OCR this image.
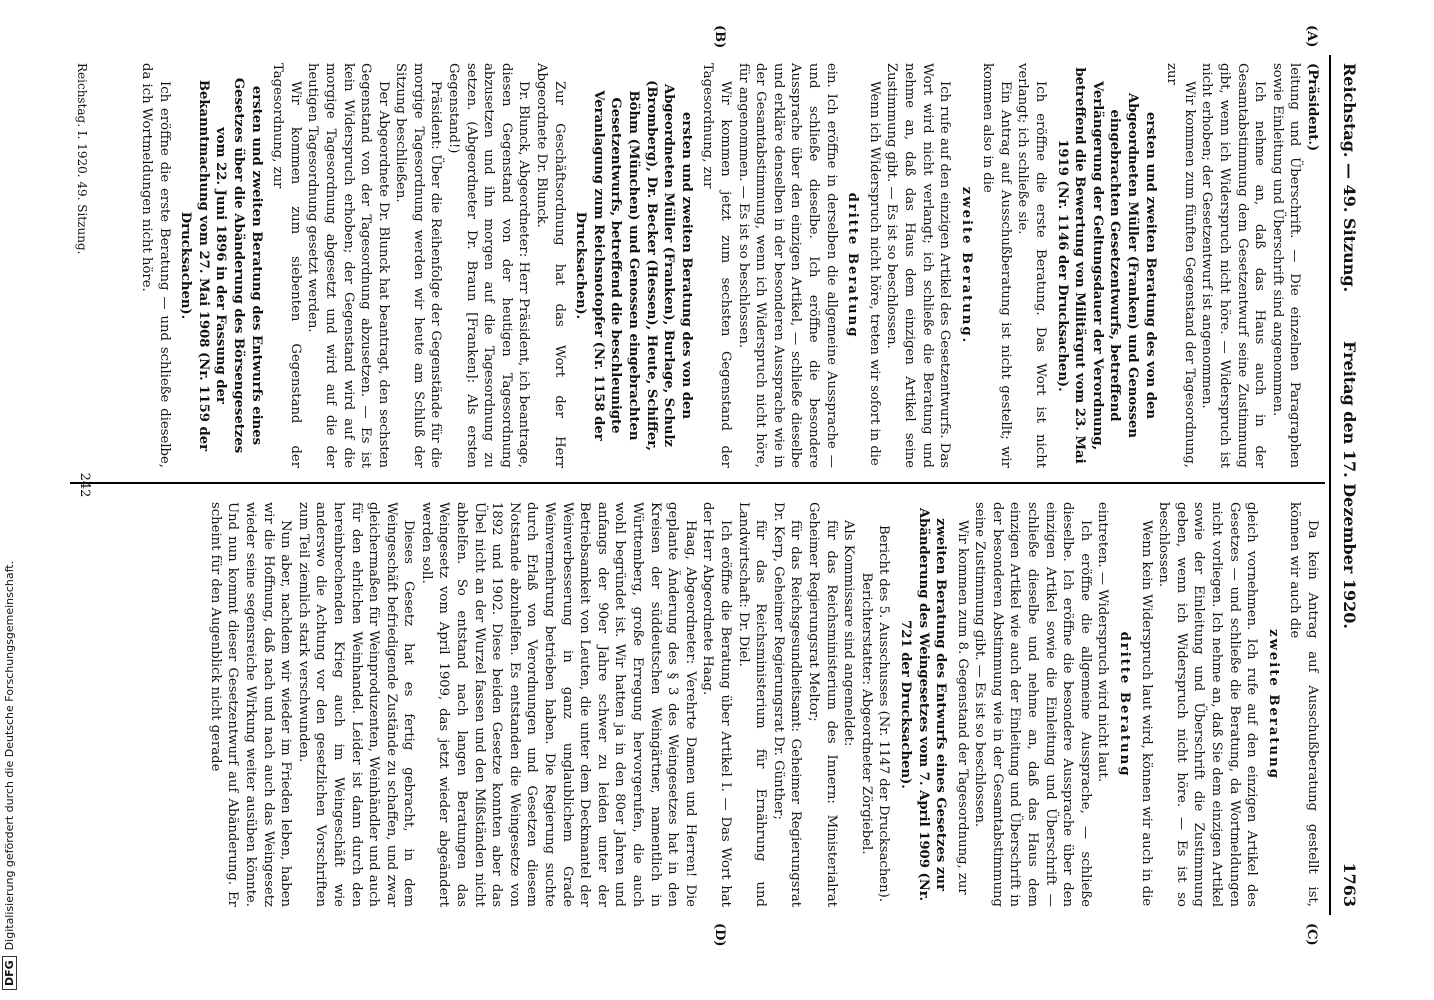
Reichstag. — 49. Sitzung.
Freitag den 17. Dezember 1920.
1763
(A)
(B)
(C)
(D)

(Präsident.)

leitung und Überschrift. — Die einzelnen Paragraphen sowie Einleitung und Überschrift sind angenommen.

Ich nehme an, daß das Haus auch in der Gesamtabstimmung dem Gesetzentwurf seine Zustimmung gibt, wenn ich Widerspruch nicht höre. — Widerspruch ist nicht erhoben; der Gesetzentwurf ist angenommen.

Wir kommen zum fünften Gegenstand der Tagesordnung, zur

ersten und zweiten Beratung des von den Abgeordneten Müller (Franken) und Genossen eingebrachten Gesetzentwurfs, betreffend Verlängerung der Geltungsdauer der Verordnung, betreffend die Bewertung von Militärgut vom 23. Mai 1919 (Nr. 1146 der Drucksachen).

Ich eröffne die erste Beratung. Das Wort ist nicht verlangt; ich schließe sie.

Ein Antrag auf Ausschußberatung ist nicht gestellt; wir kommen also in die

zweite Beratung.

Ich rufe auf den einzigen Artikel des Gesetzentwurfs. Das Wort wird nicht verlangt; ich schließe die Beratung und nehme an, daß das Haus dem einzigen Artikel seine Zustimmung gibt. — Es ist so beschlossen.

Wenn ich Widerspruch nicht höre, treten wir sofort in die

dritte Beratung

ein. Ich eröffne in derselben die allgemeine Aussprache — und schließe dieselbe. Ich eröffne die besondere Aussprache über den einzigen Artikel, — schließe dieselbe und erkläre denselben in der besonderen Aussprache wie in der Gesamtabstimmung, wenn ich Widerspruch nicht höre, für angenommen. — Es ist so beschlossen.

Wir kommen jetzt zum sechsten Gegenstand der Tagesordnung, zur

ersten und zweiten Beratung des von den Abgeordneten Müller (Franken), Burlage, Schulz (Bromberg), Dr. Becker (Hessen), Heute, Schiffer, Böhm (München) und Genossen eingebrachten Gesetzentwurfs, betreffend die beschleunigte Veranlagung zum Reichsnotopfer (Nr. 1158 der Drucksachen).

Zur Geschäftsordnung hat das Wort der Herr Abgeordnete Dr. Blunck.

Dr. Blunck, Abgeordneter: Herr Präsident, ich beantrage, diesen Gegenstand von der heutigen Tagesordnung abzusetzen und ihn morgen auf die Tagesordnung zu setzen. (Abgeordneter Dr. Braun [Franken]: Als ersten Gegenstand!)

Präsident: Über die Reihenfolge der Gegenstände für die morgige Tagesordnung werden wir heute am Schluß der Sitzung beschließen.

Der Abgeordnete Dr. Blunck hat beantragt, den sechsten Gegenstand von der Tagesordnung abzusetzen. — Es ist kein Widerspruch erhoben; der Gegenstand wird auf die morgige Tagesordnung abgesetzt und wird auf die der heutigen Tagesordnung gesetzt werden.

Wir kommen zum siebenten Gegenstand der Tagesordnung, zur

ersten und zweiten Beratung des Entwurfs eines Gesetzes über die Abänderung des Börsengesetzes vom 22. Juni 1896 in der Fassung der Bekanntmachung vom 27. Mai 1908 (Nr. 1159 der Drucksachen).

Ich eröffne die erste Beratung — und schließe dieselbe, da ich Wortmeldungen nicht höre.

Da kein Antrag auf Ausschußberatung gestellt ist, können wir auch die

zweite Beratung

gleich vornehmen. Ich rufe auf den einzigen Artikel des Gesetzes — und schließe die Beratung, da Wortmeldungen nicht vorliegen. Ich nehme an, daß Sie dem einzigen Artikel sowie der Einleitung und Überschrift die Zustimmung geben, wenn ich Widerspruch nicht höre. — Es ist so beschlossen.

Wenn kein Widerspruch laut wird, können wir auch in die

dritte Beratung

eintreten. — Widerspruch wird nicht laut.

Ich eröffne die allgemeine Aussprache, — schließe dieselbe. Ich eröffne die besondere Aussprache über den einzigen Artikel sowie die Einleitung und Überschrift — schließe dieselbe und nehme an, daß das Haus dem einzigen Artikel wie auch der Einleitung und Überschrift in der besonderen Abstimmung wie in der Gesamtabstimmung seine Zustimmung gibt. — Es ist so beschlossen.

Wir kommen zum 8. Gegenstand der Tagesordnung, zur

zweiten Beratung des Entwurfs eines Gesetzes zur Abänderung des Weingesetzes vom 7. April 1909 (Nr. 721 der Drucksachen).

Bericht des 5. Ausschusses (Nr. 1147 der Drucksachen).

Berichterstatter: Abgeordneter Zörgiebel.

Als Kommissare sind angemeldet:

für das Reichsministerium des Innern: Ministerialrat Geheimer Regierungsrat Meltor;

für das Reichsgesundheitsamt: Geheimer Regierungsrat Dr. Kerp, Geheimer Regierungsrat Dr. Günther;

für das Reichsministerium für Ernährung und Landwirtschaft: Dr. Diel.

Ich eröffne die Beratung über Artikel I. — Das Wort hat der Herr Abgeordnete Haag.

Haag, Abgeordneter: Verehrte Damen und Herren! Die geplante Änderung des § 3 des Weingesetzes hat in den Kreisen der süddeutschen Weingärtner, namentlich in Württemberg, große Erregung hervorgerufen, die auch wohl begründet ist. Wir hatten ja in den 80er Jahren und anfangs der 90er Jahre schwer zu leiden unter der Betriebsamkeit von Leuten, die unter dem Deckmantel der Weinverbesserung in ganz unglaublichem Grade Weinvermehrung betrieben haben. Die Regierung suchte durch Erlaß von Verordnungen und Gesetzen diesem Notstande abzuhelfen. Es entstanden die Weingesetze von 1892 und 1902. Diese beiden Gesetze konnten aber das Übel nicht an der Wurzel fassen und den Mißständen nicht abhelfen. So entstand nach langen Beratungen das Weingesetz vom April 1909, das jetzt wieder abgeändert werden soll.

Dieses Gesetz hat es fertig gebracht, in dem Weingeschäft befriedigende Zustände zu schaffen, und zwar gleichermaßen für Weinproduzenten, Weinhändler und auch für den ehrlichen Weinhandel. Leider ist dann durch den hereinbrechenden Krieg auch im Weingeschäft wie anderswo die Achtung vor den gesetzlichen Vorschriften zum Teil ziemlich stark verschwunden.

Nun aber, nachdem wir wieder im Frieden leben, haben wir die Hoffnung, daß nach und nach auch das Weingesetz wieder seine segensreiche Wirkung weiter ausüben könnte. Und nun kommt dieser Gesetzentwurf auf Abänderung. Er scheint für den Augenblick nicht gerade

242
Reichstag. I. 1920. 49. Sitzung.
DFGDigitalisierung gefördert durch die Deutsche Forschungsgemeinschaft.
